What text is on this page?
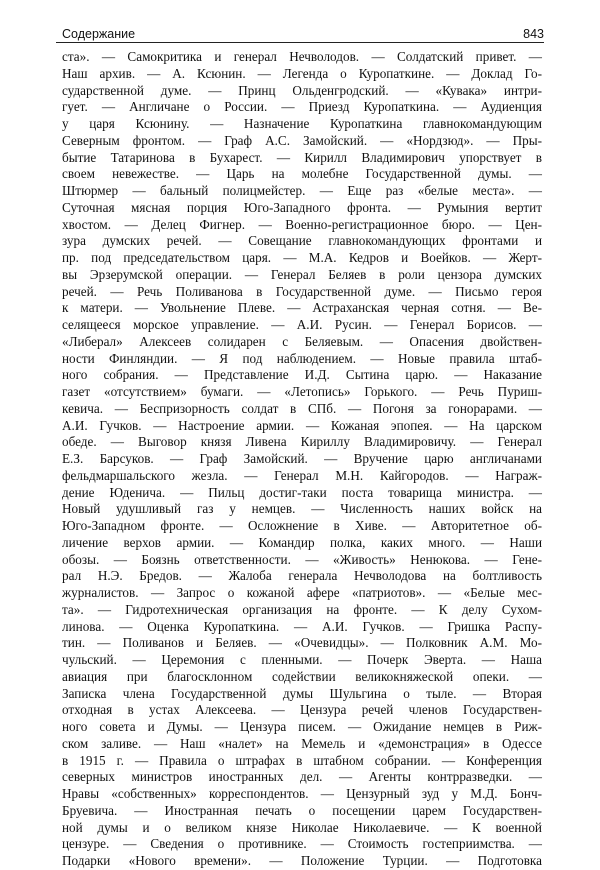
Содержание	843
ста». — Самокритика и генерал Нечволодов. — Солдатский привет. —
Наш архив. — А. Ксюнин. — Легенда о Куропаткине. — Доклад Го-
сударственной думе. — Принц Ольденгродский. — «Кувака» интри-
гует. — Англичане о России. — Приезд Куропаткина. — Аудиенция
у царя Ксюнину. — Назначение Куропаткина главнокомандующим
Северным фронтом. — Граф А.С. Замойский. — «Нордзюд». — Пры-
бытие Татаринова в Бухарест. — Кирилл Владимирович упорствует в
своем невежестве. — Царь на молебне Государственной думы. —
Штюрмер — бальный полицмейстер. — Еще раз «белые места». —
Суточная мясная порция Юго-Западного фронта. — Румыния вертит
хвостом. — Делец Фигнер. — Военно-регистрационное бюро. — Цен-
зура думских речей. — Совещание главнокомандующих фронтами и
пр. под председательством царя. — М.А. Кедров и Воейков. — Жерт-
вы Эрзерумской операции. — Генерал Беляев в роли цензора думских
речей. — Речь Поливанова в Государственной думе. — Письмо героя
к матери. — Увольнение Плеве. — Астраханская черная сотня. — Ве-
селящееся морское управление. — А.И. Русин. — Генерал Борисов. —
«Либерал» Алексеев солидарен с Беляевым. — Опасения двойствен-
ности Финляндии. — Я под наблюдением. — Новые правила штаб-
ного собрания. — Представление И.Д. Сытина царю. — Наказание
газет «отсутствием» бумаги. — «Летопись» Горького. — Речь Пуриш-
кевича. — Беспризорность солдат в СПб. — Погоня за гонорарами. —
А.И. Гучков. — Настроение армии. — Кожаная эпопея. — На царском
обеде. — Выговор князя Ливена Кириллу Владимировичу. — Генерал
Е.З. Барсуков. — Граф Замойский. — Вручение царю англичанами
фельдмаршальского жезла. — Генерал М.Н. Кайгородов. — Награж-
дение Юденича. — Пильц достиг-таки поста товарища министра. —
Новый удушливый газ у немцев. — Численность наших войск на
Юго-Западном фронте. — Осложнение в Хиве. — Авторитетное об-
личение верхов армии. — Командир полка, каких много. — Наши
обозы. — Боязнь ответственности. — «Живость» Ненюкова. — Гене-
рал Н.Э. Бредов. — Жалоба генерала Нечволодова на болтливость
журналистов. — Запрос о кожаной афере «патриотов». — «Белые мес-
та». — Гидротехническая организация на фронте. — К делу Сухом-
линова. — Оценка Куропаткина. — А.И. Гучков. — Гришка Распу-
тин. — Поливанов и Беляев. — «Очевидцы». — Полковник А.М. Мо-
чульский. — Церемония с пленными. — Почерк Эверта. — Наша
авиация при благосклонном содействии великокняжеской опеки. —
Записка члена Государственной думы Шульгина о тыле. — Вторая
отходная в устах Алексеева. — Цензура речей членов Государствен-
ного совета и Думы. — Цензура писем. — Ожидание немцев в Риж-
ском заливе. — Наш «налет» на Мемель и «демонстрация» в Одессе
в 1915 г. — Правила о штрафах в штабном собрании. — Конференция
северных министров иностранных дел. — Агенты контрразведки. —
Нравы «собственных» корреспондентов. — Цензурный зуд у М.Д. Бонч-
Бруевича. — Иностранная печать о посещении царем Государствен-
ной думы и о великом князе Николае Николаевиче. — К военной
цензуре. — Сведения о противнике. — Стоимость гостеприимства. —
Подарки «Нового времени». — Положение Турции. — Подготовка
